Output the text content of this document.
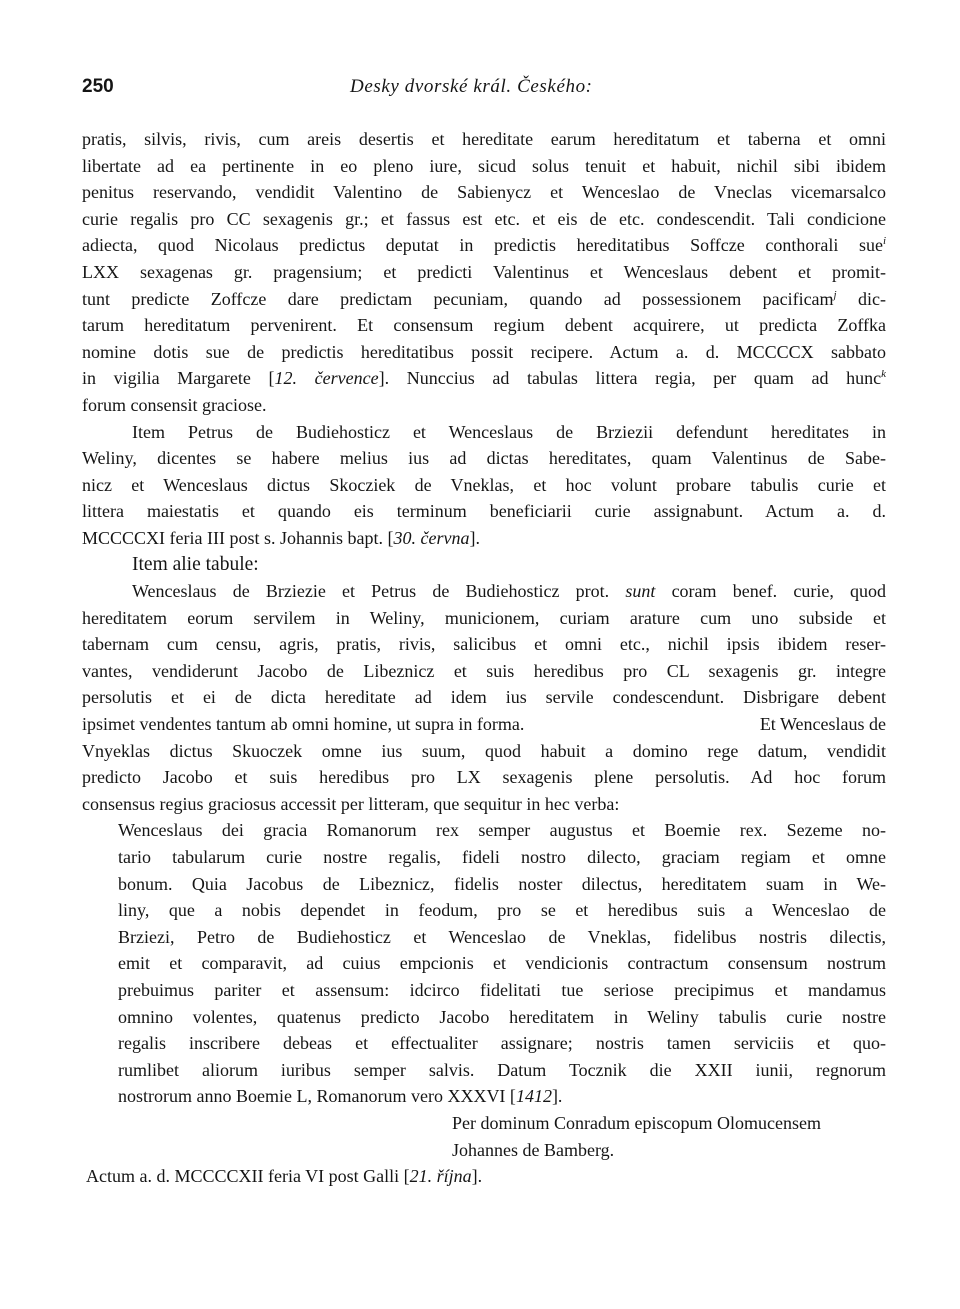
250	Desky dvorské král. Českého:
pratis, silvis, rivis, cum areis desertis et hereditate earum hereditatum et taberna et omni
libertate ad ea pertinente in eo pleno iure, sicud solus tenuit et habuit, nichil sibi ibidem
penitus reservando, vendidit Valentino de Sabienycz et Wenceslao de Vneclas vicemarsalco
curie regalis pro CC sexagenis gr.; et fassus est etc. et eis de etc. condescendit. Tali condicione
adiecta, quod Nicolaus predictus deputat in predictis hereditatibus Soffcze conthorali sue$^i$
LXX sexagenas gr. pragensium; et predicti Valentinus et Wenceslaus debent et promit-
tunt predicte Zoffcze dare predictam pecuniam, quando ad possessionem pacificam$^j$ dic-
tarum hereditatum pervenirent. Et consensum regium debent acquirere, ut predicta Zoffka
nomine dotis sue de predictis hereditatibus possit recipere. Actum a. d. MCCCCX sabbato
in vigilia Margarete [12. července]. Nunccius ad tabulas littera regia, per quam ad hunc$^k$
forum consensit graciose.
Item Petrus de Budiehosticz et Wenceslaus de Brziezii defendunt hereditates in
Weliny, dicentes se habere melius ius ad dictas hereditates, quam Valentinus de Sabe-
nicz et Wenceslaus dictus Skocziek de Vneklas, et hoc volunt probare tabulis curie et
littera maiestatis et quando eis terminum beneficiarii curie assignabunt. Actum a. d.
MCCCCXI feria III post s. Johannis bapt. [30. června].
Item alie tabule:
Wenceslaus de Brziezie et Petrus de Budiehosticz prot. sunt coram benef. curie, quod
hereditatem eorum servilem in Weliny, municionem, curiam arature cum uno subside et
tabernam cum censu, agris, pratis, rivis, salicibus et omni etc., nichil ipsis ibidem reser-
vantes, vendiderunt Jacobo de Libeznicz et suis heredibus pro CL sexagenis gr. integre
persolutis et ei de dicta hereditate ad idem ius servile condescendunt. Disbrigare debent
ipsimet vendentes tantum ab omni homine, ut supra in forma.	Et Wenceslaus de
Vnyeklas dictus Skuoczek omne ius suum, quod habuit a domino rege datum, vendidit
predicto Jacobo et suis heredibus pro LX sexagenis plene persolutis. Ad hoc forum
consensus regius graciosus accessit per litteram, que sequitur in hec verba:
Wenceslaus dei gracia Romanorum rex semper augustus et Boemie rex. Sezeme no-
tario tabularum curie nostre regalis, fideli nostro dilecto, graciam regiam et omne
bonum. Quia Jacobus de Libeznicz, fidelis noster dilectus, hereditatem suam in We-
liny, que a nobis dependet in feodum, pro se et heredibus suis a Wenceslao de
Brziezi, Petro de Budiehosticz et Wenceslao de Vneklas, fidelibus nostris dilectis,
emit et comparavit, ad cuius empcionis et vendicionis contractum consensum nostrum
prebuimus pariter et assensum: idcirco fidelitati tue seriose precipimus et mandamus
omnino volentes, quatenus predicto Jacobo hereditatem in Weliny tabulis curie nostre
regalis inscribere debeas et effectualiter assignare; nostris tamen serviciis et quo-
rumlibet aliorum iuribus semper salvis. Datum Tocznik die XXII iunii, regnorum
nostrorum anno Boemie L, Romanorum vero XXXVI [1412].
Per dominum Conradum episcopum Olomucensem
Johannes de Bamberg.
Actum a. d. MCCCCXII feria VI post Galli [21. října].
